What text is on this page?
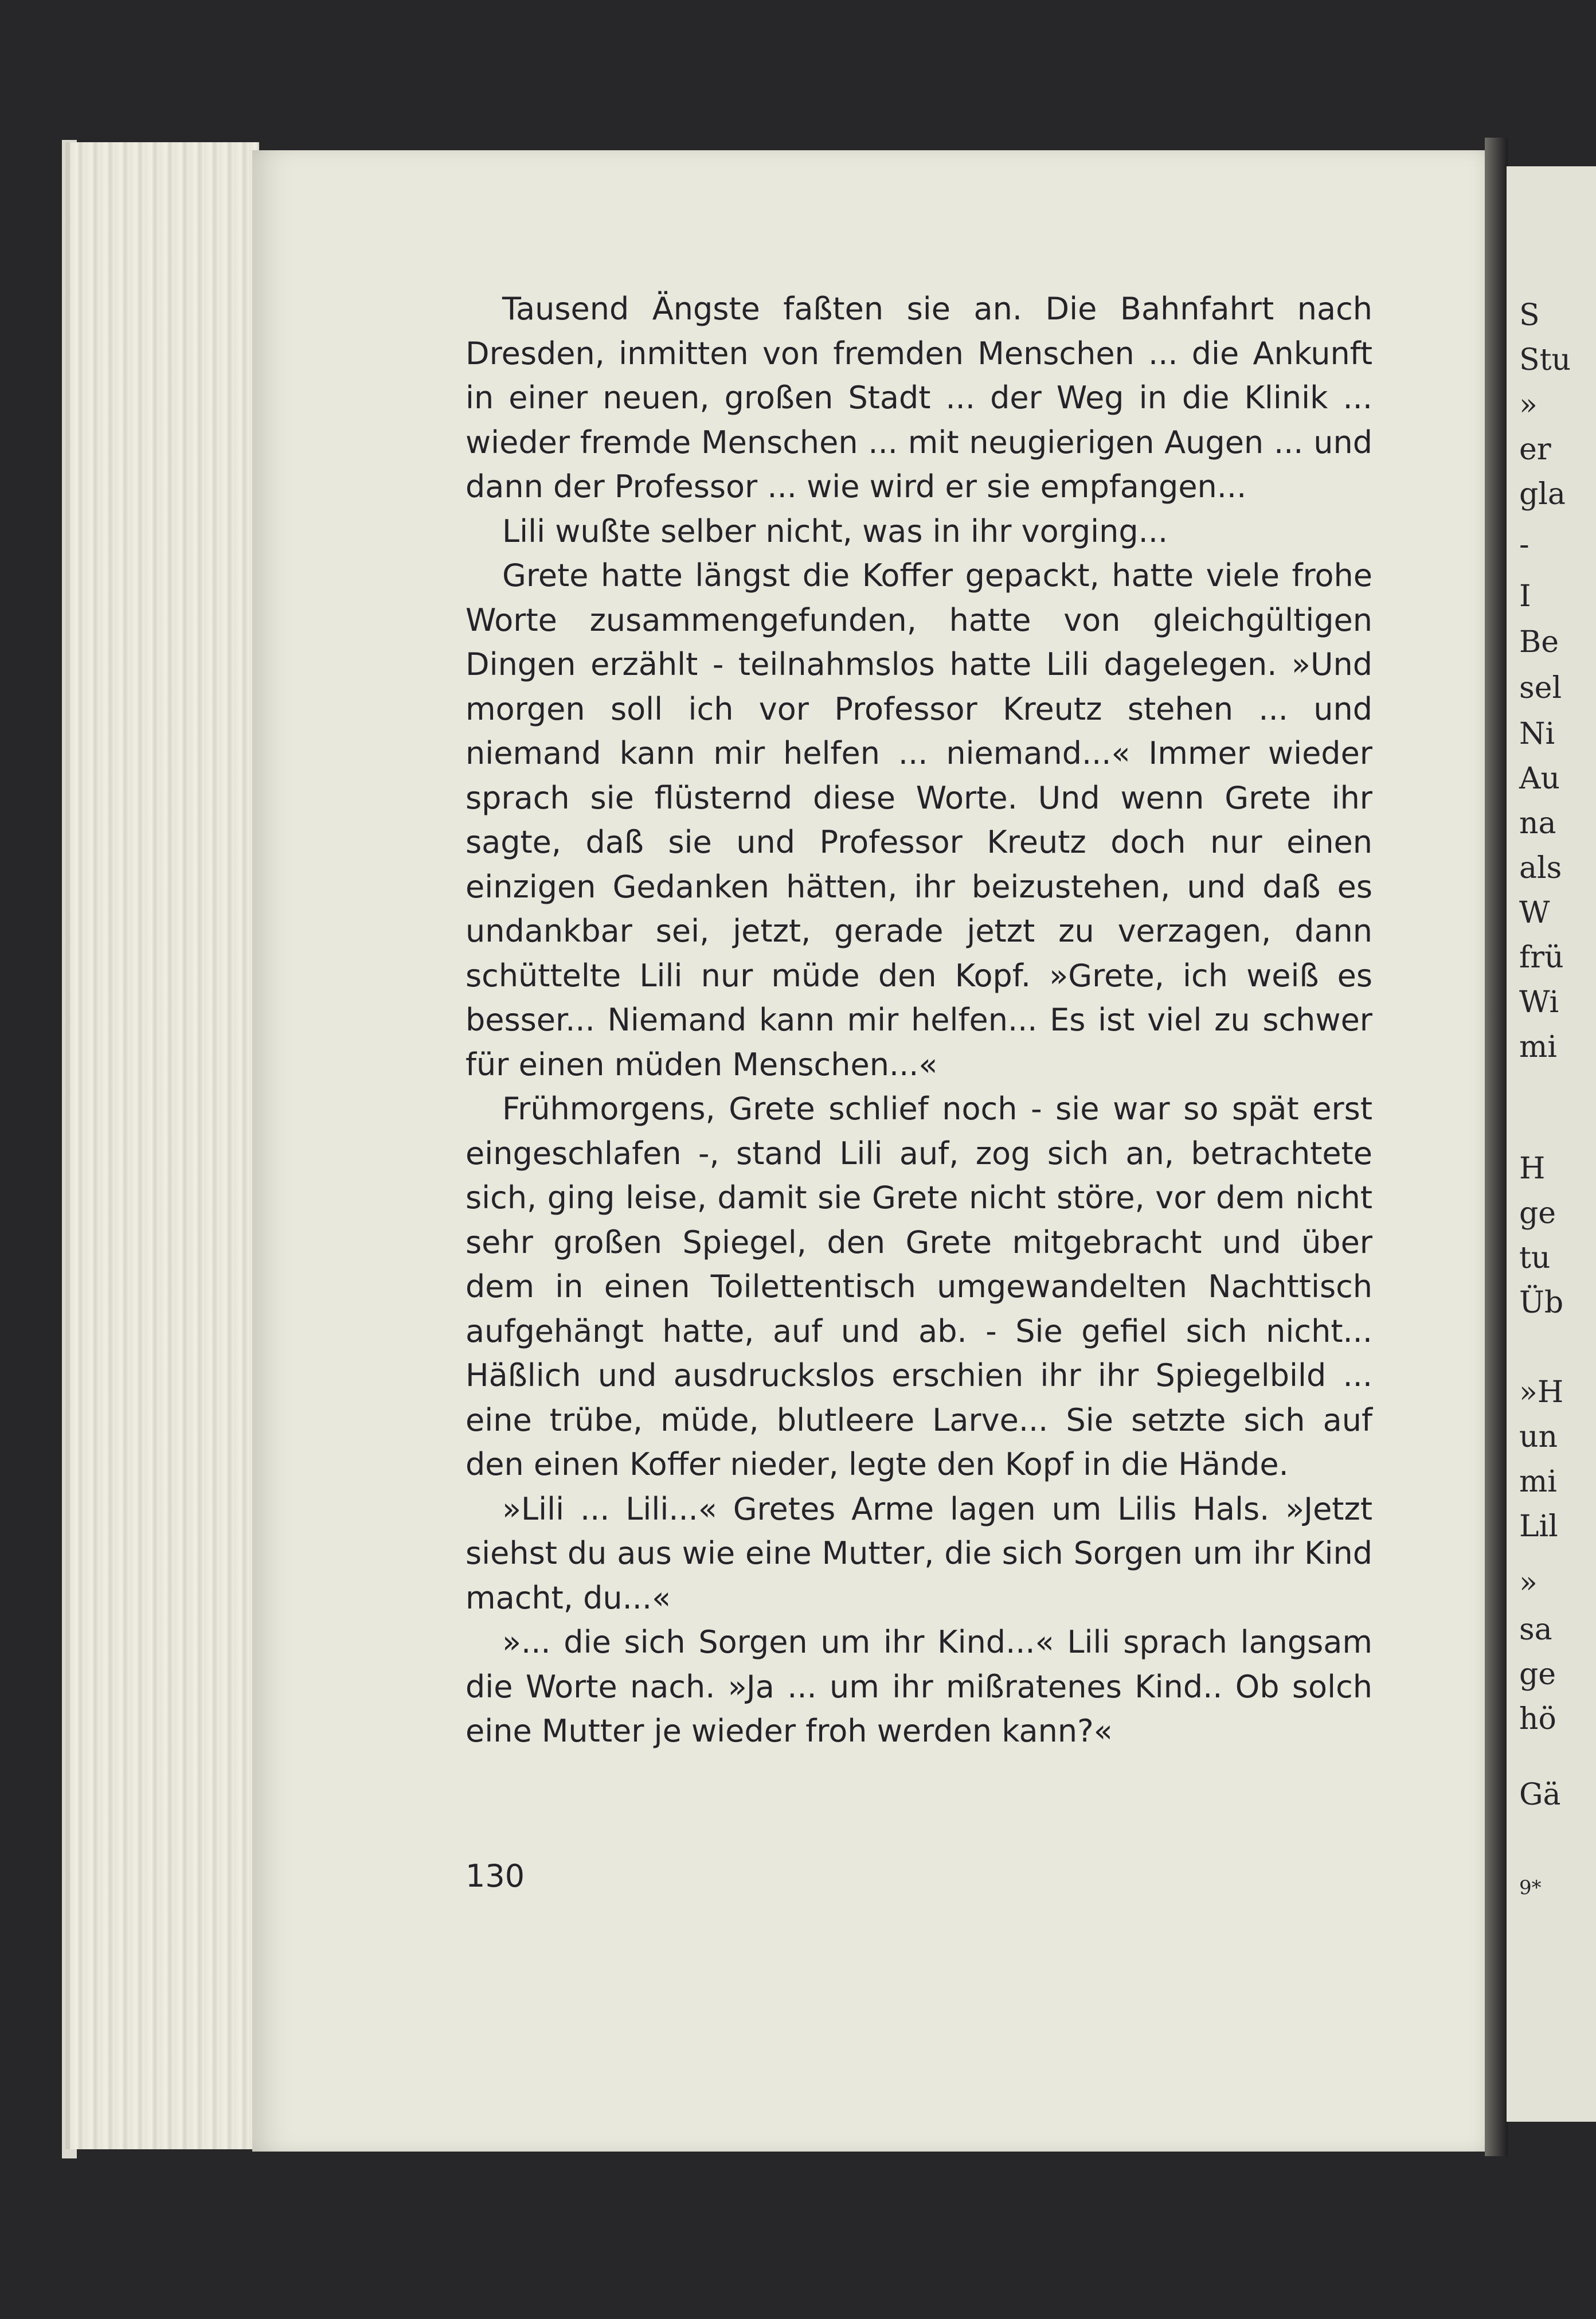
Tausend Ängste faßten sie an. Die Bahnfahrt nach Dresden, inmitten von fremden Menschen ... die Ankunft in einer neuen, großen Stadt ... der Weg in die Klinik ... wieder fremde Menschen ... mit neugierigen Augen ... und dann der Professor ... wie wird er sie empfangen...

Lili wußte selber nicht, was in ihr vorging...

Grete hatte längst die Koffer gepackt, hatte viele frohe Worte zusammengefunden, hatte von gleichgültigen Dingen erzählt - teilnahmslos hatte Lili dagelegen. »Und morgen soll ich vor Professor Kreutz stehen ... und niemand kann mir helfen ... niemand...« Immer wieder sprach sie flüsternd diese Worte. Und wenn Grete ihr sagte, daß sie und Professor Kreutz doch nur einen einzigen Gedanken hätten, ihr beizustehen, und daß es undankbar sei, jetzt, gerade jetzt zu verzagen, dann schüttelte Lili nur müde den Kopf. »Grete, ich weiß es besser... Niemand kann mir helfen... Es ist viel zu schwer für einen müden Menschen...«

Frühmorgens, Grete schlief noch - sie war so spät erst eingeschlafen -, stand Lili auf, zog sich an, betrachtete sich, ging leise, damit sie Grete nicht störe, vor dem nicht sehr großen Spiegel, den Grete mitgebracht und über dem in einen Toilettentisch umgewandelten Nachttisch aufgehängt hatte, auf und ab. - Sie gefiel sich nicht... Häßlich und ausdruckslos erschien ihr ihr Spiegelbild ... eine trübe, müde, blutleere Larve... Sie setzte sich auf den einen Koffer nieder, legte den Kopf in die Hände.

»Lili ... Lili...« Gretes Arme lagen um Lilis Hals. »Jetzt siehst du aus wie eine Mutter, die sich Sorgen um ihr Kind macht, du...«

»... die sich Sorgen um ihr Kind...« Lili sprach langsam die Worte nach. »Ja ... um ihr mißratenes Kind.. Ob solch eine Mutter je wieder froh werden kann?«

130
S
Stu
»
er
gla
-
I
Be
sel
Ni
Au
na
als
W
frü
Wi
mi
H
ge
tu
Üb
»H
un
mi
Lil
»
sa
ge
hö
Gä
9*
